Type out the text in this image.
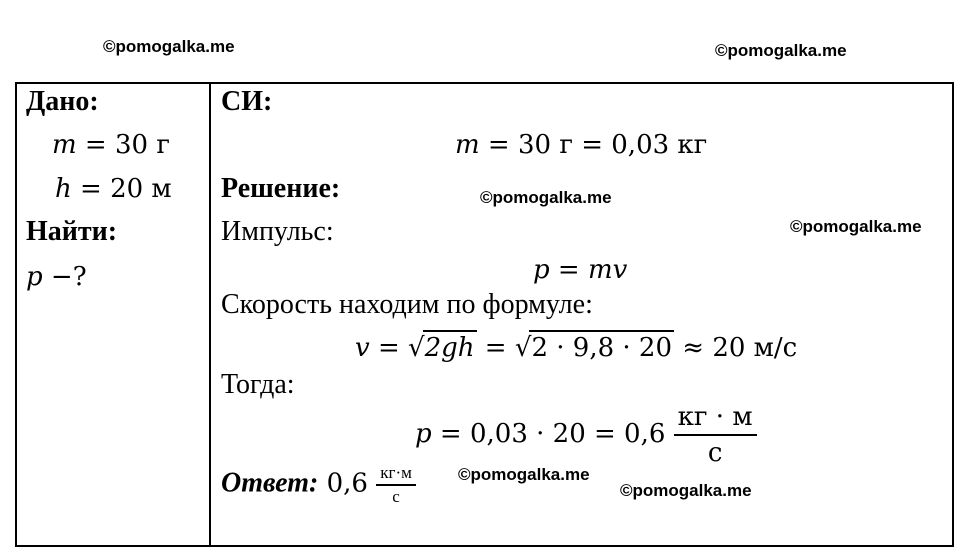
©pomogalka.me	©pomogalka.me
©pomogalka.me
©pomogalka.me
©pomogalka.me
©pomogalka.me
Дано:
m = 30 г
h = 20 м
Найти:
p −?
СИ:
m = 30 г = 0,03 кг
Решение:
Импульс:
p = mv
Скорость находим по формуле:
v = √2gh = √2 · 9,8 · 20 ≈ 20 м/с
Тогда:
$p = 0,03 \cdot 20 = 0,6 \frac{кг \cdot м}{с}$
Ответ: $0,6 \frac{кг\cdot м}{с}$
